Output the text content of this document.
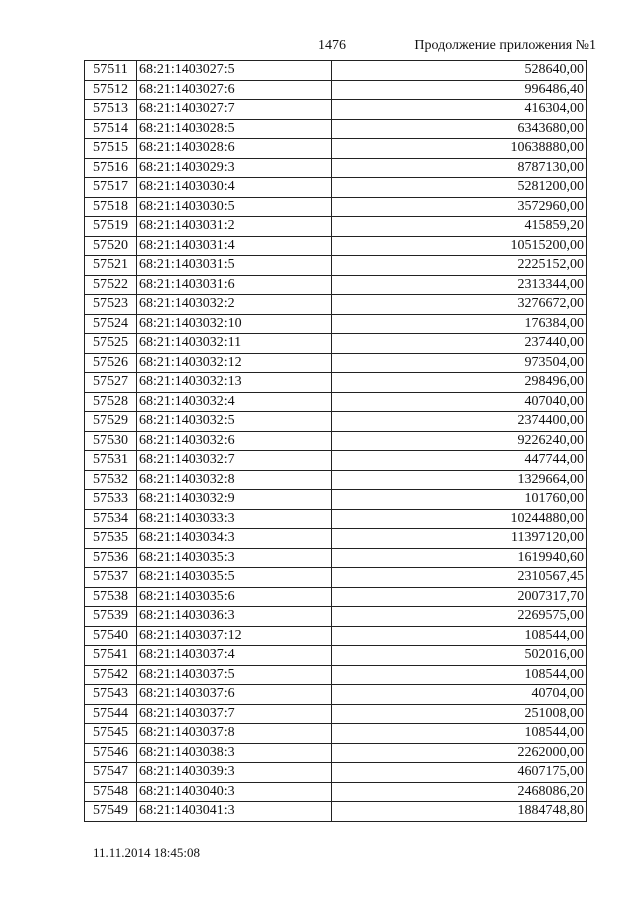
1476	Продолжение приложения №1
57511	68:21:1403027:5	528640,00
57512	68:21:1403027:6	996486,40
57513	68:21:1403027:7	416304,00
57514	68:21:1403028:5	6343680,00
57515	68:21:1403028:6	10638880,00
57516	68:21:1403029:3	8787130,00
57517	68:21:1403030:4	5281200,00
57518	68:21:1403030:5	3572960,00
57519	68:21:1403031:2	415859,20
57520	68:21:1403031:4	10515200,00
57521	68:21:1403031:5	2225152,00
57522	68:21:1403031:6	2313344,00
57523	68:21:1403032:2	3276672,00
57524	68:21:1403032:10	176384,00
57525	68:21:1403032:11	237440,00
57526	68:21:1403032:12	973504,00
57527	68:21:1403032:13	298496,00
57528	68:21:1403032:4	407040,00
57529	68:21:1403032:5	2374400,00
57530	68:21:1403032:6	9226240,00
57531	68:21:1403032:7	447744,00
57532	68:21:1403032:8	1329664,00
57533	68:21:1403032:9	101760,00
57534	68:21:1403033:3	10244880,00
57535	68:21:1403034:3	11397120,00
57536	68:21:1403035:3	1619940,60
57537	68:21:1403035:5	2310567,45
57538	68:21:1403035:6	2007317,70
57539	68:21:1403036:3	2269575,00
57540	68:21:1403037:12	108544,00
57541	68:21:1403037:4	502016,00
57542	68:21:1403037:5	108544,00
57543	68:21:1403037:6	40704,00
57544	68:21:1403037:7	251008,00
57545	68:21:1403037:8	108544,00
57546	68:21:1403038:3	2262000,00
57547	68:21:1403039:3	4607175,00
57548	68:21:1403040:3	2468086,20
57549	68:21:1403041:3	1884748,80
11.11.2014 18:45:08
